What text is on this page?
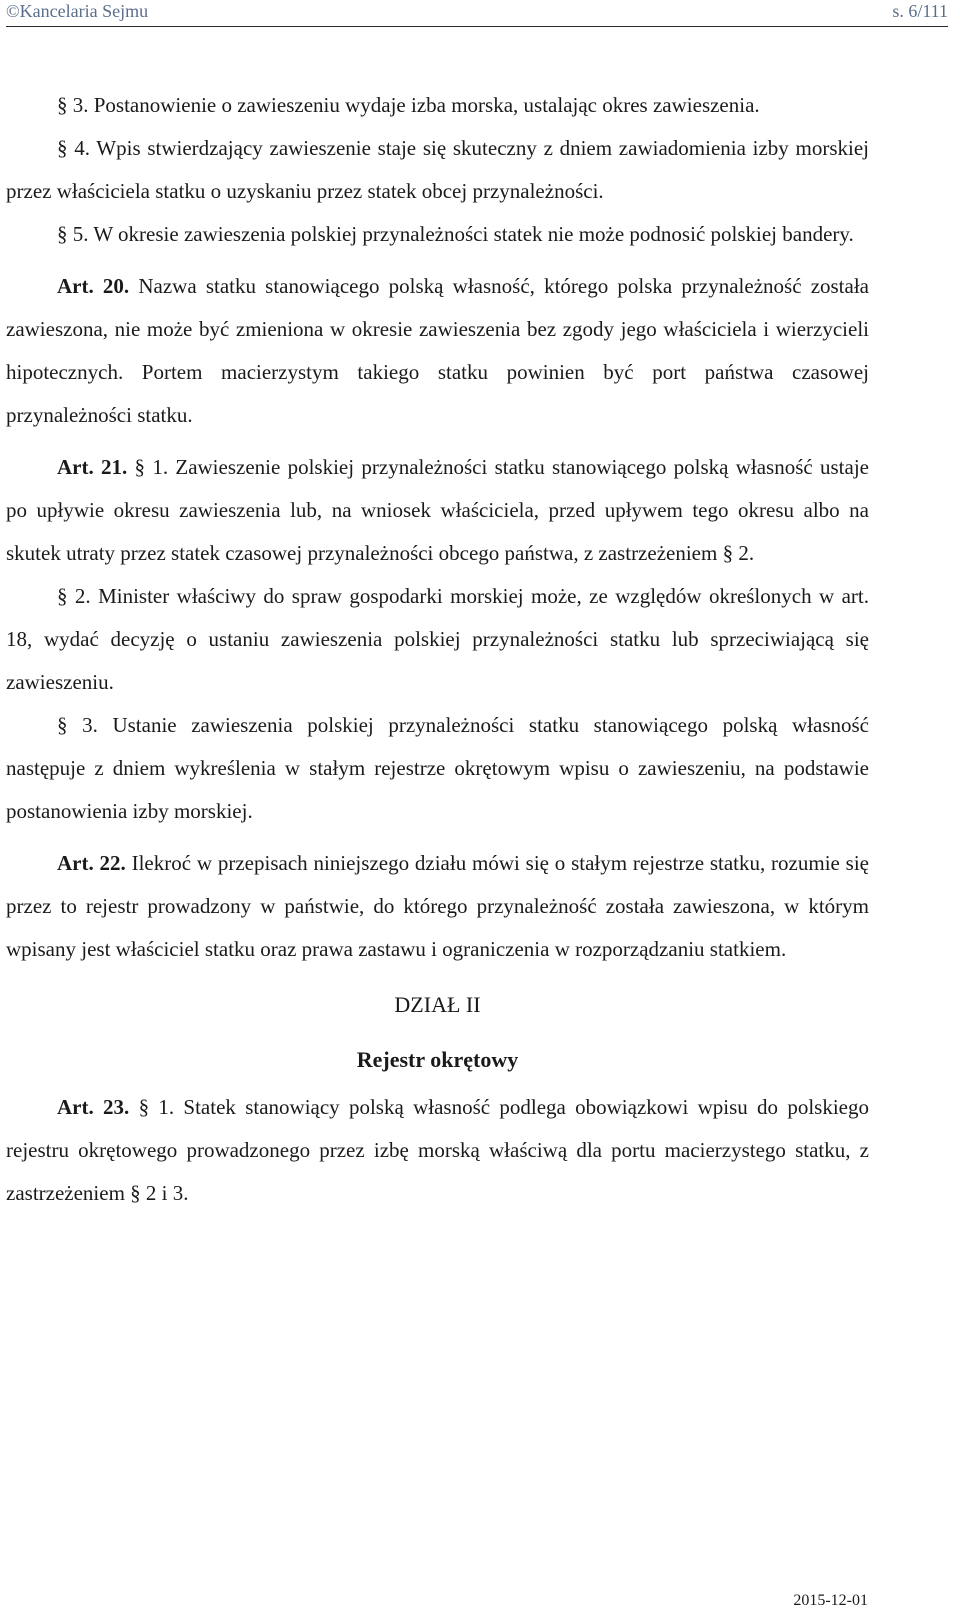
©Kancelaria Sejmu	s. 6/111

§ 3. Postanowienie o zawieszeniu wydaje izba morska, ustalając okres zawieszenia.

§ 4. Wpis stwierdzający zawieszenie staje się skuteczny z dniem zawiadomienia izby morskiej przez właściciela statku o uzyskaniu przez statek obcej przynależności.

§ 5. W okresie zawieszenia polskiej przynależności statek nie może podnosić polskiej bandery.

Art. 20. Nazwa statku stanowiącego polską własność, którego polska przynależność została zawieszona, nie może być zmieniona w okresie zawieszenia bez zgody jego właściciela i wierzycieli hipotecznych. Portem macierzystym takiego statku powinien być port państwa czasowej przynależności statku.

Art. 21. § 1. Zawieszenie polskiej przynależności statku stanowiącego polską własność ustaje po upływie okresu zawieszenia lub, na wniosek właściciela, przed upływem tego okresu albo na skutek utraty przez statek czasowej przynależności obcego państwa, z zastrzeżeniem § 2.

§ 2. Minister właściwy do spraw gospodarki morskiej może, ze względów określonych w art. 18, wydać decyzję o ustaniu zawieszenia polskiej przynależności statku lub sprzeciwiającą się zawieszeniu.

§ 3. Ustanie zawieszenia polskiej przynależności statku stanowiącego polską własność następuje z dniem wykreślenia w stałym rejestrze okrętowym wpisu o zawieszeniu, na podstawie postanowienia izby morskiej.

Art. 22. Ilekroć w przepisach niniejszego działu mówi się o stałym rejestrze statku, rozumie się przez to rejestr prowadzony w państwie, do którego przynależność została zawieszona, w którym wpisany jest właściciel statku oraz prawa zastawu i ograniczenia w rozporządzaniu statkiem.

DZIAŁ II

Rejestr okrętowy

Art. 23. § 1. Statek stanowiący polską własność podlega obowiązkowi wpisu do polskiego rejestru okrętowego prowadzonego przez izbę morską właściwą dla portu macierzystego statku, z zastrzeżeniem § 2 i 3.

2015-12-01
